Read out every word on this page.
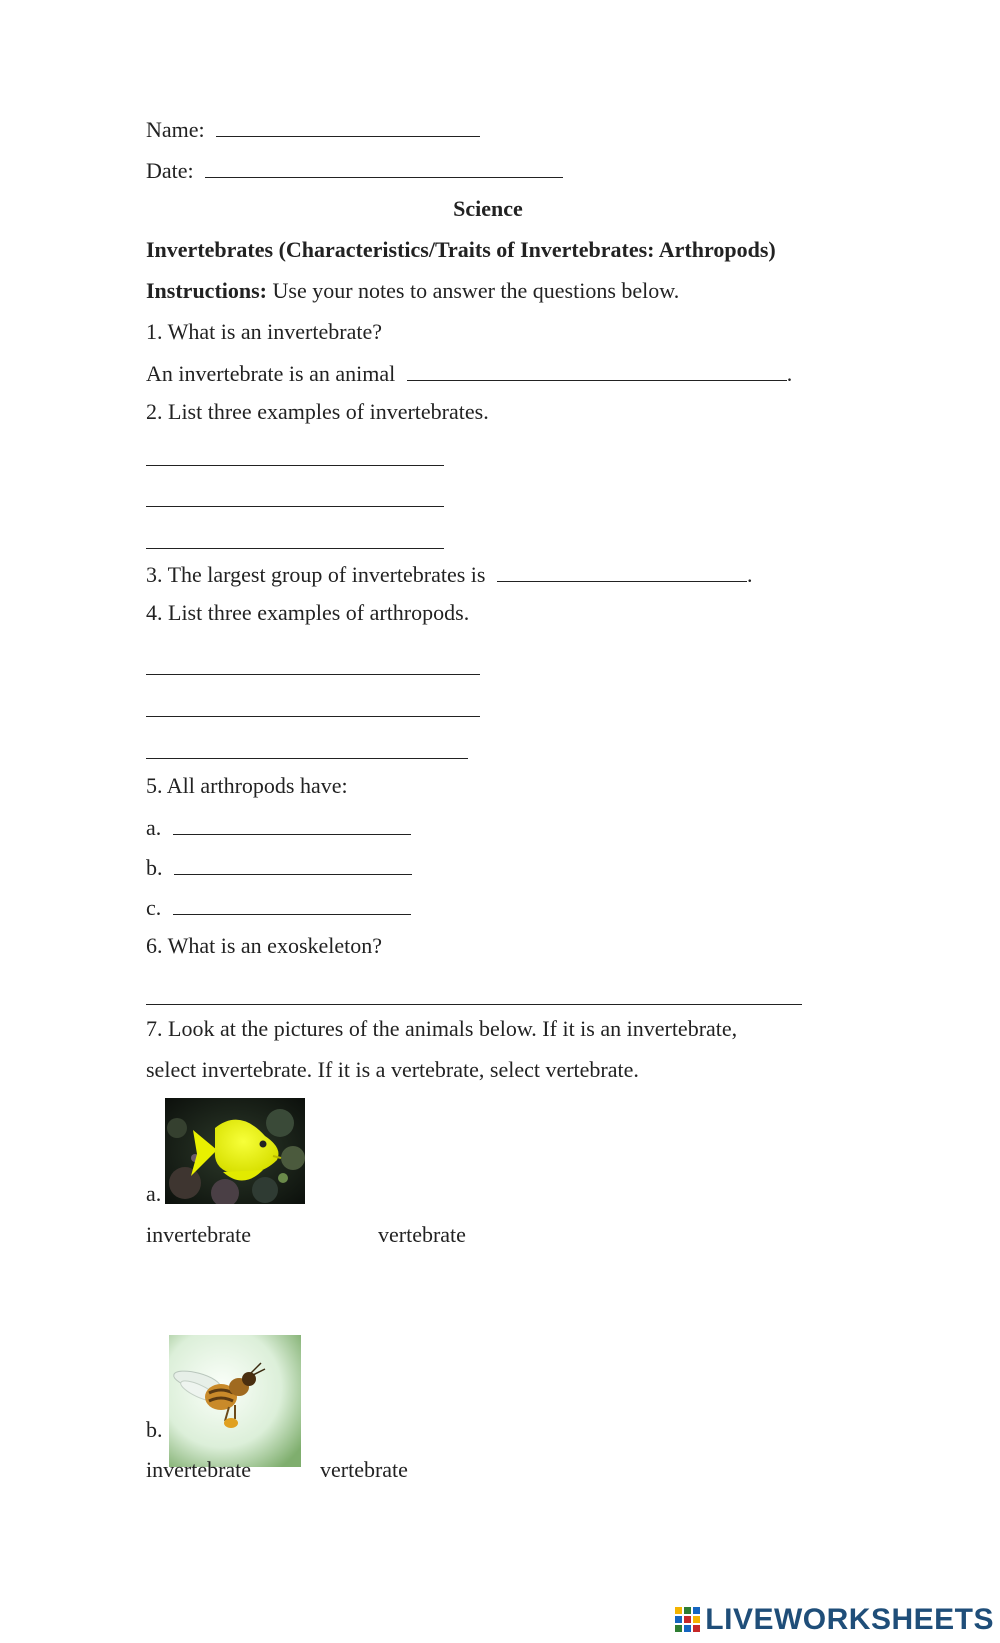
Name:
Date:
Science
Invertebrates (Characteristics/Traits of Invertebrates: Arthropods)
Instructions: Use your notes to answer the questions below.
1. What is an invertebrate?
An invertebrate is an animal	.
2. List three examples of invertebrates.
3. The largest group of invertebrates is	.
4. List three examples of arthropods.
5. All arthropods have:
a.
b.
c.
6. What is an exoskeleton?
7. Look at the pictures of the animals below. If it is an invertebrate,
select invertebrate. If it is a vertebrate, select vertebrate.
a.
invertebrate	vertebrate
b.
invertebrate	vertebrate
LIVEWORKSHEETS
